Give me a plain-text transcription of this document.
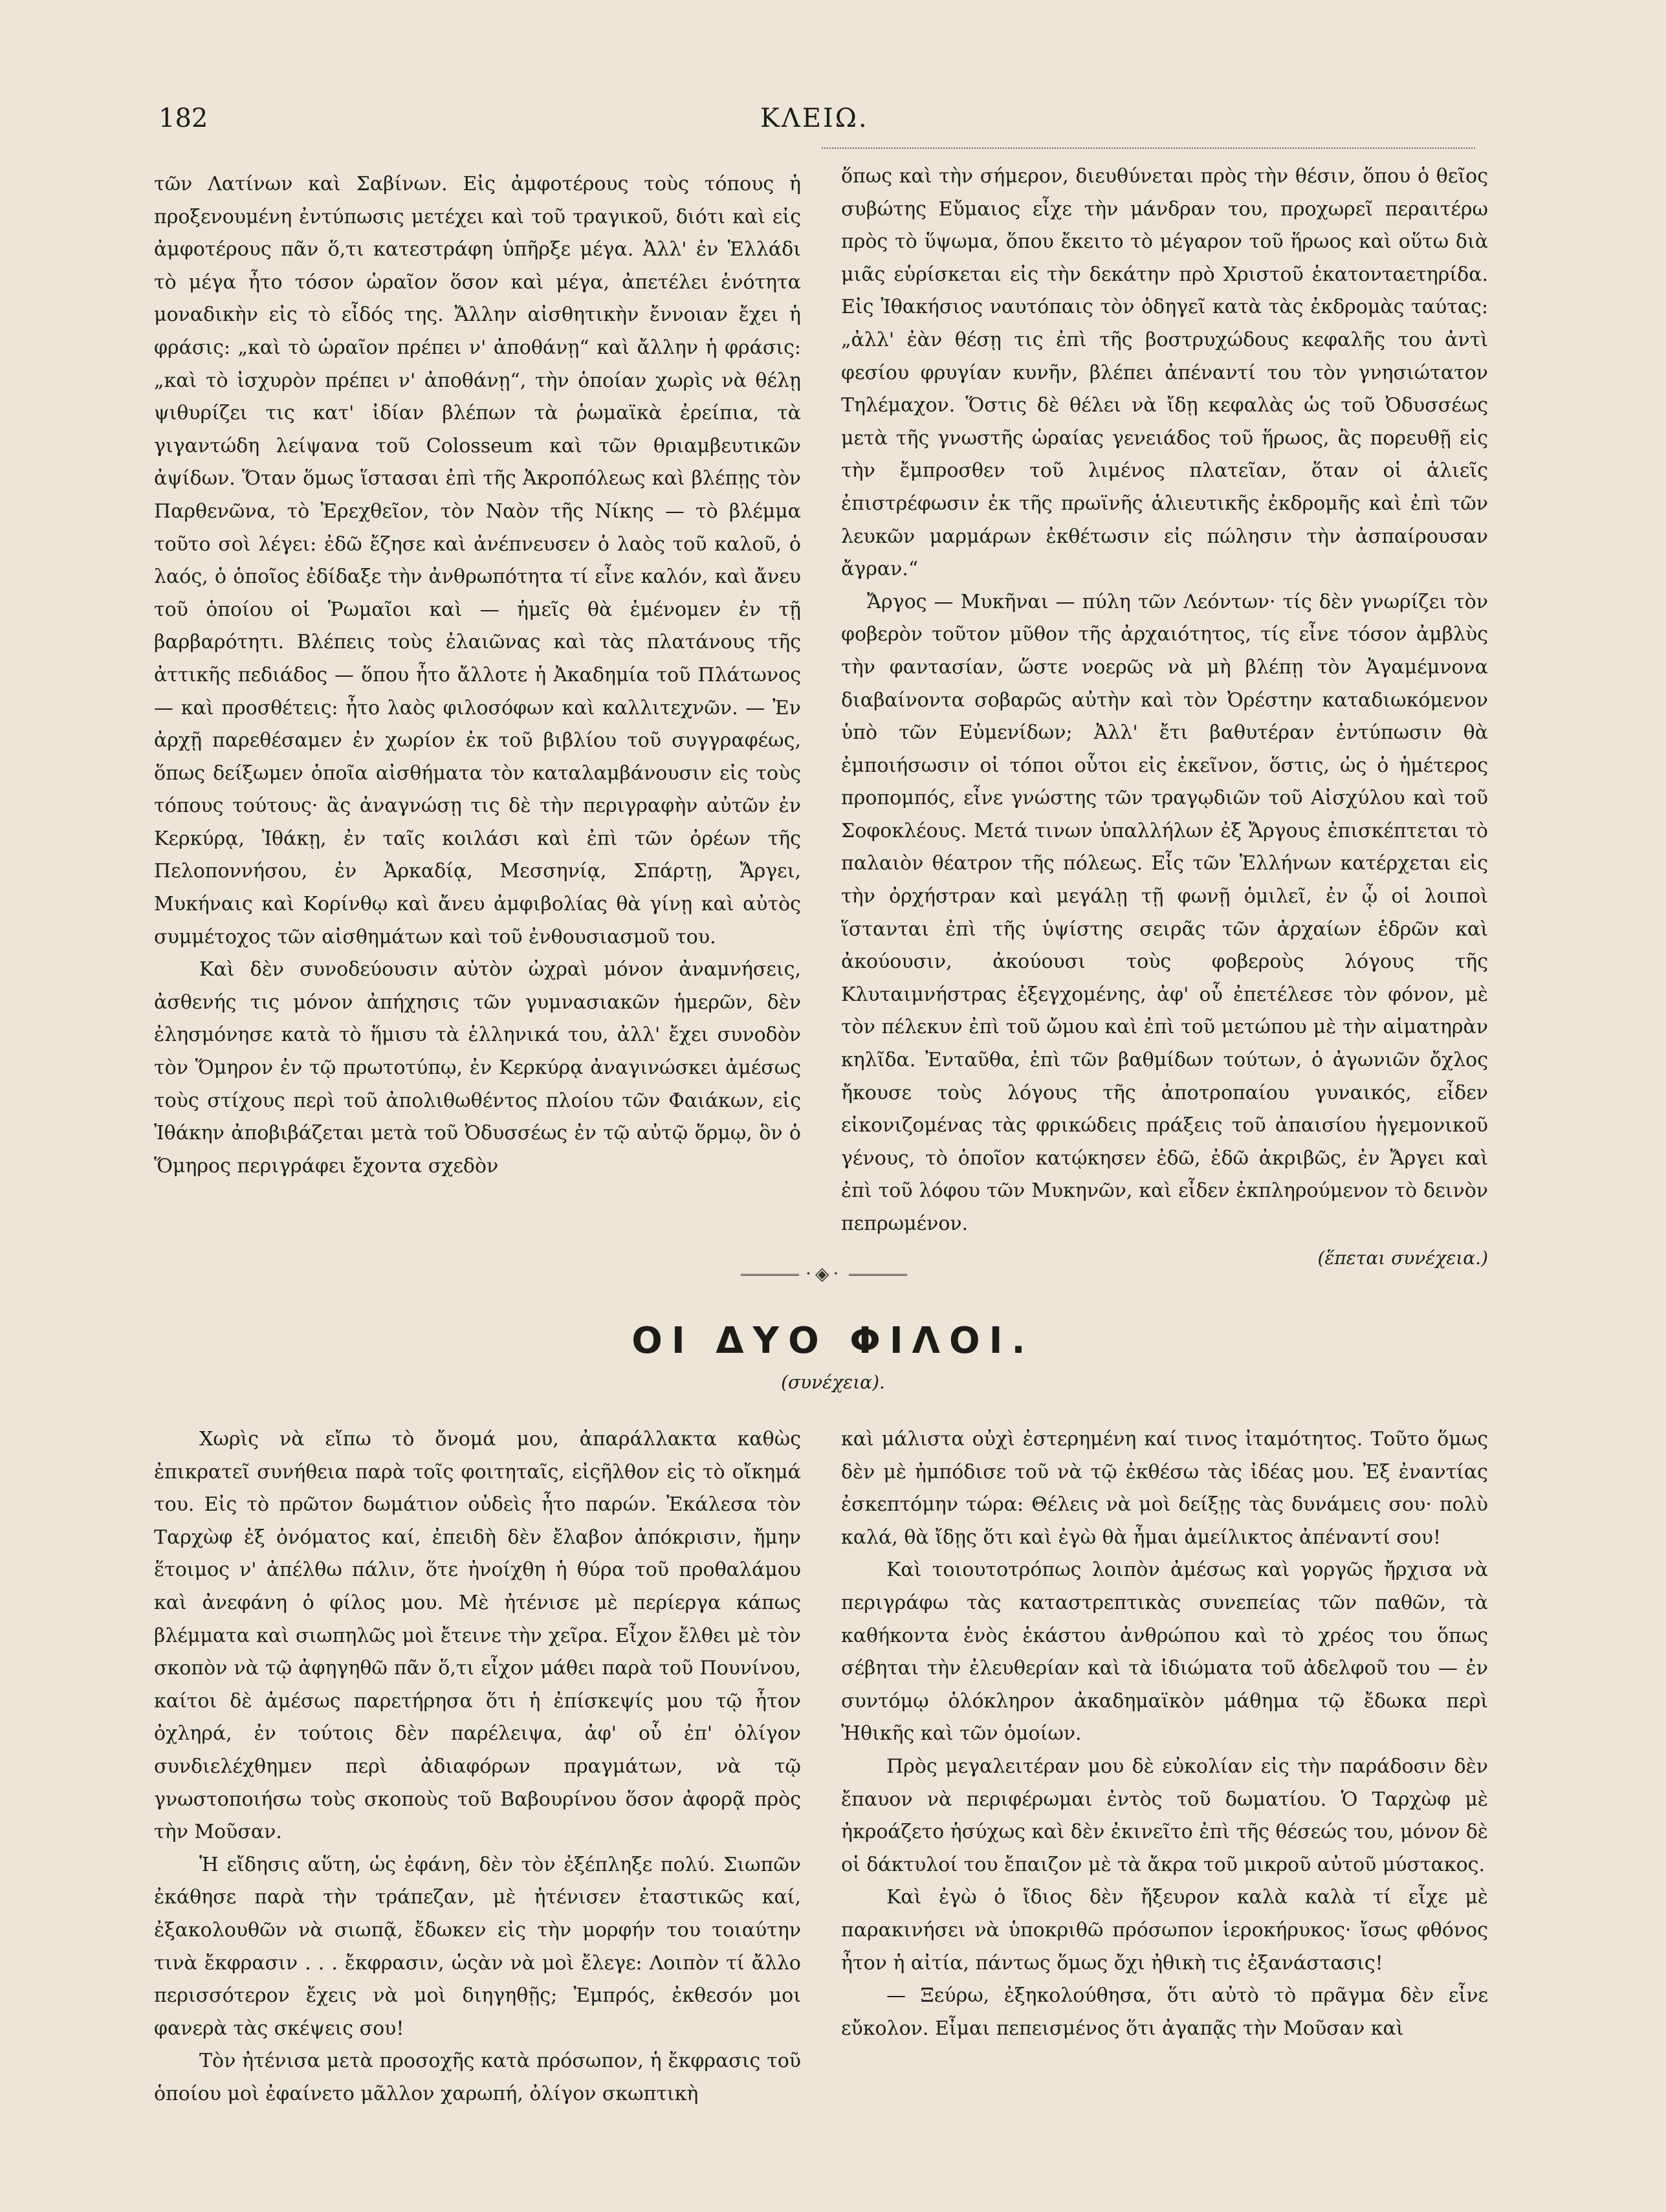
182	ΚΛΕΙΩ.

τῶν Λατίνων καὶ Σαβίνων. Εἰς ἀμφοτέρους τοὺς τόπους ἡ προξενουμένη ἐντύπωσις μετέχει καὶ τοῦ τραγικοῦ, διότι καὶ εἰς ἀμφοτέρους πᾶν ὅ,τι κατεστράφη ὑπῆρξε μέγα. Ἀλλ' ἐν Ἑλλάδι τὸ μέγα ἦτο τόσον ὡραῖον ὅσον καὶ μέγα, ἀπετέλει ἑνότητα μοναδικὴν εἰς τὸ εἶδός της. Ἄλλην αἰσθητικὴν ἔννοιαν ἔχει ἡ φράσις: „καὶ τὸ ὡραῖον πρέπει ν' ἀποθάνῃ“ καὶ ἄλλην ἡ φράσις: „καὶ τὸ ἰσχυρὸν πρέπει ν' ἀποθάνῃ“, τὴν ὁποίαν χωρὶς νὰ θέλῃ ψιθυρίζει τις κατ' ἰδίαν βλέπων τὰ ῥωμαϊκὰ ἐρείπια, τὰ γιγαντώδη λείψανα τοῦ Colosseum καὶ τῶν θριαμβευτικῶν ἀψίδων. Ὅταν ὅμως ἵστασαι ἐπὶ τῆς Ἀκροπόλεως καὶ βλέπῃς τὸν Παρθενῶνα, τὸ Ἐρεχθεῖον, τὸν Ναὸν τῆς Νίκης — τὸ βλέμμα τοῦτο σοὶ λέγει: ἐδῶ ἔζησε καὶ ἀνέπνευσεν ὁ λαὸς τοῦ καλοῦ, ὁ λαός, ὁ ὁποῖος ἐδίδαξε τὴν ἀνθρωπότητα τί εἶνε καλόν, καὶ ἄνευ τοῦ ὁποίου οἱ Ῥωμαῖοι καὶ — ἡμεῖς θὰ ἐμένομεν ἐν τῇ βαρβαρότητι. Βλέπεις τοὺς ἐλαιῶνας καὶ τὰς πλατάνους τῆς ἀττικῆς πεδιάδος — ὅπου ἦτο ἄλλοτε ἡ Ἀκαδημία τοῦ Πλάτωνος — καὶ προσθέτεις: ἦτο λαὸς φιλοσόφων καὶ καλλιτεχνῶν. — Ἐν ἀρχῇ παρεθέσαμεν ἐν χωρίον ἐκ τοῦ βιβλίου τοῦ συγγραφέως, ὅπως δείξωμεν ὁποῖα αἰσθήματα τὸν καταλαμβάνουσιν εἰς τοὺς τόπους τούτους· ἂς ἀναγνώσῃ τις δὲ τὴν περιγραφὴν αὐτῶν ἐν Κερκύρᾳ, Ἰθάκῃ, ἐν ταῖς κοιλάσι καὶ ἐπὶ τῶν ὀρέων τῆς Πελοποννήσου, ἐν Ἀρκαδίᾳ, Μεσσηνίᾳ, Σπάρτῃ, Ἄργει, Μυκήναις καὶ Κορίνθῳ καὶ ἄνευ ἀμφιβολίας θὰ γίνῃ καὶ αὐτὸς συμμέτοχος τῶν αἰσθημάτων καὶ τοῦ ἐνθουσιασμοῦ του.

Καὶ δὲν συνοδεύουσιν αὐτὸν ὠχραὶ μόνον ἀναμνήσεις, ἀσθενής τις μόνον ἀπήχησις τῶν γυμνασιακῶν ἡμερῶν, δὲν ἐλησμόνησε κατὰ τὸ ἥμισυ τὰ ἑλληνικά του, ἀλλ' ἔχει συνοδὸν τὸν Ὅμηρον ἐν τῷ πρωτοτύπῳ, ἐν Κερκύρᾳ ἀναγινώσκει ἀμέσως τοὺς στίχους περὶ τοῦ ἀπολιθωθέντος πλοίου τῶν Φαιάκων, εἰς Ἰθάκην ἀποβιβάζεται μετὰ τοῦ Ὀδυσσέως ἐν τῷ αὐτῷ ὅρμῳ, ὃν ὁ Ὅμηρος περιγράφει ἔχοντα σχεδὸν

ὅπως καὶ τὴν σήμερον, διευθύνεται πρὸς τὴν θέσιν, ὅπου ὁ θεῖος συβώτης Εὔμαιος εἶχε τὴν μάνδραν του, προχωρεῖ περαιτέρω πρὸς τὸ ὕψωμα, ὅπου ἔκειτο τὸ μέγαρον τοῦ ἥρωος καὶ οὕτω διὰ μιᾶς εὑρίσκεται εἰς τὴν δεκάτην πρὸ Χριστοῦ ἑκατονταετηρίδα. Εἰς Ἰθακήσιος ναυτόπαις τὸν ὁδηγεῖ κατὰ τὰς ἐκδρομὰς ταύτας: „ἀλλ' ἐὰν θέσῃ τις ἐπὶ τῆς βοστρυχώδους κεφαλῆς του ἀντὶ φεσίου φρυγίαν κυνῆν, βλέπει ἀπέναντί του τὸν γνησιώτατον Τηλέμαχον. Ὅστις δὲ θέλει νὰ ἴδῃ κεφαλὰς ὡς τοῦ Ὀδυσσέως μετὰ τῆς γνωστῆς ὡραίας γενειάδος τοῦ ἥρωος, ἂς πορευθῇ εἰς τὴν ἔμπροσθεν τοῦ λιμένος πλατεῖαν, ὅταν οἱ ἁλιεῖς ἐπιστρέφωσιν ἐκ τῆς πρωϊνῆς ἁλιευτικῆς ἐκδρομῆς καὶ ἐπὶ τῶν λευκῶν μαρμάρων ἐκθέτωσιν εἰς πώλησιν τὴν ἀσπαίρουσαν ἄγραν.“

Ἄργος — Μυκῆναι — πύλη τῶν Λεόντων· τίς δὲν γνωρίζει τὸν φοβερὸν τοῦτον μῦθον τῆς ἀρχαιότητος, τίς εἶνε τόσον ἀμβλὺς τὴν φαντασίαν, ὥστε νοερῶς νὰ μὴ βλέπῃ τὸν Ἀγαμέμνονα διαβαίνοντα σοβαρῶς αὐτὴν καὶ τὸν Ὀρέστην καταδιωκόμενον ὑπὸ τῶν Εὐμενίδων; Ἀλλ' ἔτι βαθυτέραν ἐντύπωσιν θὰ ἐμποιήσωσιν οἱ τόποι οὗτοι εἰς ἐκεῖνον, ὅστις, ὡς ὁ ἡμέτερος προπομπός, εἶνε γνώστης τῶν τραγῳδιῶν τοῦ Αἰσχύλου καὶ τοῦ Σοφοκλέους. Μετά τινων ὑπαλλήλων ἐξ Ἄργους ἐπισκέπτεται τὸ παλαιὸν θέατρον τῆς πόλεως. Εἷς τῶν Ἑλλήνων κατέρχεται εἰς τὴν ὀρχήστραν καὶ μεγάλῃ τῇ φωνῇ ὁμιλεῖ, ἐν ᾧ οἱ λοιποὶ ἵστανται ἐπὶ τῆς ὑψίστης σειρᾶς τῶν ἀρχαίων ἑδρῶν καὶ ἀκούουσιν, ἀκούουσι τοὺς φοβεροὺς λόγους τῆς Κλυταιμνήστρας ἐξεγχομένης, ἀφ' οὗ ἐπετέλεσε τὸν φόνον, μὲ τὸν πέλεκυν ἐπὶ τοῦ ὤμου καὶ ἐπὶ τοῦ μετώπου μὲ τὴν αἱματηρὰν κηλῖδα. Ἐνταῦθα, ἐπὶ τῶν βαθμίδων τούτων, ὁ ἀγωνιῶν ὄχλος ἤκουσε τοὺς λόγους τῆς ἀποτροπαίου γυναικός, εἶδεν εἰκονιζομένας τὰς φρικώδεις πράξεις τοῦ ἀπαισίου ἡγεμονικοῦ γένους, τὸ ὁποῖον κατῴκησεν ἐδῶ, ἐδῶ ἀκριβῶς, ἐν Ἄργει καὶ ἐπὶ τοῦ λόφου τῶν Μυκηνῶν, καὶ εἶδεν ἐκπληρούμενον τὸ δεινὸν πεπρωμένον.

(ἕπεται συνέχεια.)
·◈·
ΟΙ ΔΥΟ ΦΙΛΟΙ.
(συνέχεια).

Χωρὶς νὰ εἴπω τὸ ὄνομά μου, ἀπαράλλακτα καθὼς ἐπικρατεῖ συνήθεια παρὰ τοῖς φοιτηταῖς, εἰςῆλθον εἰς τὸ οἴκημά του. Εἰς τὸ πρῶτον δωμάτιον οὐδεὶς ἦτο παρών. Ἐκάλεσα τὸν Ταρχὼφ ἐξ ὀνόματος καί, ἐπειδὴ δὲν ἔλαβον ἀπόκρισιν, ἤμην ἕτοιμος ν' ἀπέλθω πάλιν, ὅτε ἠνοίχθη ἡ θύρα τοῦ προθαλάμου καὶ ἀνεφάνη ὁ φίλος μου. Μὲ ἠτένισε μὲ περίεργα κάπως βλέμματα καὶ σιωπηλῶς μοὶ ἔτεινε τὴν χεῖρα. Εἶχον ἔλθει μὲ τὸν σκοπὸν νὰ τῷ ἀφηγηθῶ πᾶν ὅ,τι εἶχον μάθει παρὰ τοῦ Πουνίνου, καίτοι δὲ ἀμέσως παρετήρησα ὅτι ἡ ἐπίσκεψίς μου τῷ ἦτον ὀχληρά, ἐν τούτοις δὲν παρέλειψα, ἀφ' οὗ ἐπ' ὀλίγον συνδιελέχθημεν περὶ ἀδιαφόρων πραγμάτων, νὰ τῷ γνωστοποιήσω τοὺς σκοποὺς τοῦ Βαβουρίνου ὅσον ἀφορᾷ πρὸς τὴν Μοῦσαν.

Ἡ εἴδησις αὕτη, ὡς ἐφάνη, δὲν τὸν ἐξέπληξε πολύ. Σιωπῶν ἐκάθησε παρὰ τὴν τράπεζαν, μὲ ἠτένισεν ἐταστικῶς καί, ἐξακολουθῶν νὰ σιωπᾷ, ἔδωκεν εἰς τὴν μορφήν του τοιαύτην τινὰ ἔκφρασιν . . . ἔκφρασιν, ὡςὰν νὰ μοὶ ἔλεγε: Λοιπὸν τί ἄλλο περισσότερον ἔχεις νὰ μοὶ διηγηθῇς; Ἐμπρός, ἐκθεσόν μοι φανερὰ τὰς σκέψεις σου!

Τὸν ἠτένισα μετὰ προσοχῆς κατὰ πρόσωπον, ἡ ἔκφρασις τοῦ ὁποίου μοὶ ἐφαίνετο μᾶλλον χαρωπή, ὀλίγον σκωπτικὴ

καὶ μάλιστα οὐχὶ ἐστερημένη καί τινος ἰταμότητος. Τοῦτο ὅμως δὲν μὲ ἠμπόδισε τοῦ νὰ τῷ ἐκθέσω τὰς ἰδέας μου. Ἐξ ἐναντίας ἐσκεπτόμην τώρα: Θέλεις νὰ μοὶ δείξῃς τὰς δυνάμεις σου· πολὺ καλά, θὰ ἴδῃς ὅτι καὶ ἐγὼ θὰ ἦμαι ἀμείλικτος ἀπέναντί σου!

Καὶ τοιουτοτρόπως λοιπὸν ἀμέσως καὶ γοργῶς ἤρχισα νὰ περιγράφω τὰς καταστρεπτικὰς συνεπείας τῶν παθῶν, τὰ καθήκοντα ἑνὸς ἑκάστου ἀνθρώπου καὶ τὸ χρέος του ὅπως σέβηται τὴν ἐλευθερίαν καὶ τὰ ἰδιώματα τοῦ ἀδελφοῦ του — ἐν συντόμῳ ὁλόκληρον ἀκαδημαϊκὸν μάθημα τῷ ἔδωκα περὶ Ἠθικῆς καὶ τῶν ὁμοίων.

Πρὸς μεγαλειτέραν μου δὲ εὐκολίαν εἰς τὴν παράδοσιν δὲν ἔπαυον νὰ περιφέρωμαι ἐντὸς τοῦ δωματίου. Ὁ Ταρχὼφ μὲ ἠκροάζετο ἡσύχως καὶ δὲν ἐκινεῖτο ἐπὶ τῆς θέσεώς του, μόνον δὲ οἱ δάκτυλοί του ἔπαιζον μὲ τὰ ἄκρα τοῦ μικροῦ αὐτοῦ μύστακος.

Καὶ ἐγὼ ὁ ἴδιος δὲν ἤξευρον καλὰ καλὰ τί εἶχε μὲ παρακινήσει νὰ ὑποκριθῶ πρόσωπον ἱεροκήρυκος· ἴσως φθόνος ἦτον ἡ αἰτία, πάντως ὅμως ὄχι ἠθικὴ τις ἐξανάστασις!

— Ξεύρω, ἐξηκολούθησα, ὅτι αὐτὸ τὸ πρᾶγμα δὲν εἶνε εὔκολον. Εἶμαι πεπεισμένος ὅτι ἀγαπᾷς τὴν Μοῦσαν καὶ
